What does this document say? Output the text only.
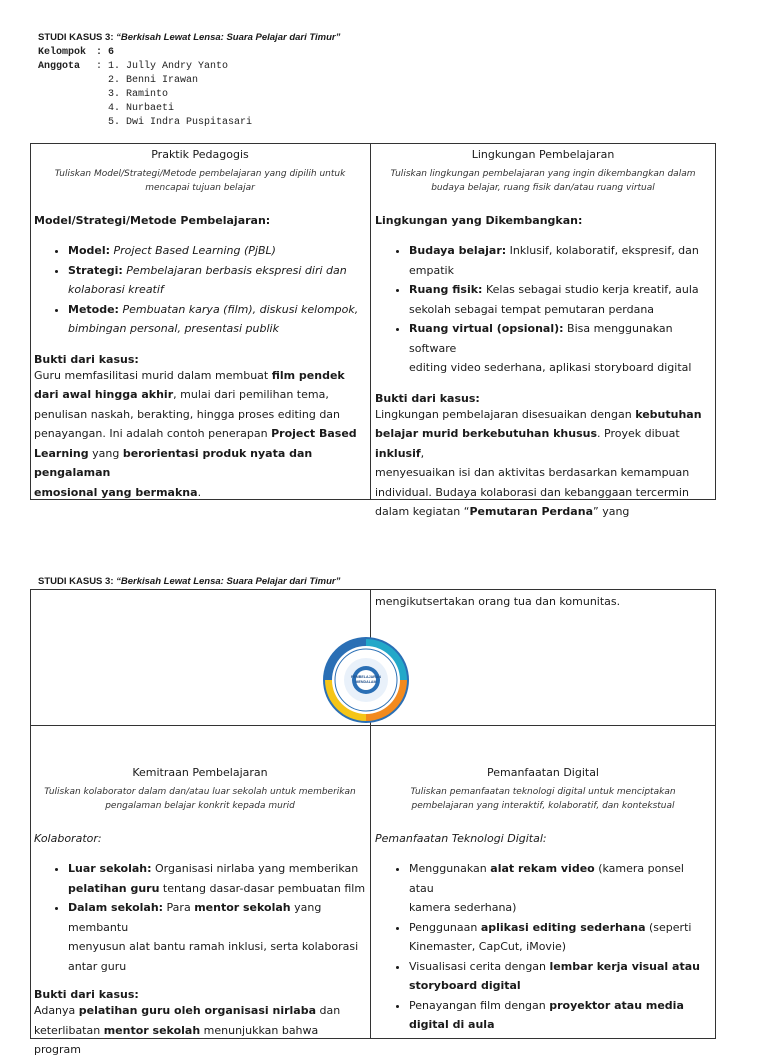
STUDI KASUS 3: “Berkisah Lewat Lensa: Suara Pelajar dari Timur”
Kelompok : 6
Anggota : 1. Jully Andry Yanto
2. Benni Irawan
3. Raminto
4. Nurbaeti
5. Dwi Indra Puspitasari

Praktik Pedagogis

Tuliskan Model/Strategi/Metode pembelajaran yang dipilih untuk
mencapai tujuan belajar

Model/Strategi/Metode Pembelajaran:

• Model: Project Based Learning (PjBL)
• Strategi: Pembelajaran berbasis ekspresi diri dan
kolaborasi kreatif
• Metode: Pembuatan karya (film), diskusi kelompok,
bimbingan personal, presentasi publik

Bukti dari kasus:

Guru memfasilitasi murid dalam membuat film pendek
dari awal hingga akhir, mulai dari pemilihan tema,
penulisan naskah, berakting, hingga proses editing dan
penayangan. Ini adalah contoh penerapan Project Based
Learning yang berorientasi produk nyata dan pengalaman
emosional yang bermakna.

Lingkungan Pembelajaran

Tuliskan lingkungan pembelajaran yang ingin dikembangkan dalam
budaya belajar, ruang fisik dan/atau ruang virtual

Lingkungan yang Dikembangkan:

• Budaya belajar: Inklusif, kolaboratif, ekspresif, dan
empatik
• Ruang fisik: Kelas sebagai studio kerja kreatif, aula
sekolah sebagai tempat pemutaran perdana
• Ruang virtual (opsional): Bisa menggunakan software
editing video sederhana, aplikasi storyboard digital

Bukti dari kasus:

Lingkungan pembelajaran disesuaikan dengan kebutuhan
belajar murid berkebutuhan khusus. Proyek dibuat inklusif,
menyesuaikan isi dan aktivitas berdasarkan kemampuan
individual. Budaya kolaborasi dan kebanggaan tercermin
dalam kegiatan “Pemutaran Perdana” yang

STUDI KASUS 3: “Berkisah Lewat Lensa: Suara Pelajar dari Timur”

mengikutsertakan orang tua dan komunitas.

PEMBELAJARAN
MENDALAM

Kemitraan Pembelajaran

Tuliskan kolaborator dalam dan/atau luar sekolah untuk memberikan
pengalaman belajar konkrit kepada murid

Kolaborator:

• Luar sekolah: Organisasi nirlaba yang memberikan
pelatihan guru tentang dasar-dasar pembuatan film
• Dalam sekolah: Para mentor sekolah yang membantu
menyusun alat bantu ramah inklusi, serta kolaborasi
antar guru

Bukti dari kasus:

Adanya pelatihan guru oleh organisasi nirlaba dan
keterlibatan mentor sekolah menunjukkan bahwa program

Pemanfaatan Digital

Tuliskan pemanfaatan teknologi digital untuk menciptakan
pembelajaran yang interaktif, kolaboratif, dan kontekstual

Pemanfaatan Teknologi Digital:

• Menggunakan alat rekam video (kamera ponsel atau
kamera sederhana)
• Penggunaan aplikasi editing sederhana (seperti
Kinemaster, CapCut, iMovie)
• Visualisasi cerita dengan lembar kerja visual atau
storyboard digital
• Penayangan film dengan proyektor atau media
digital di aula
